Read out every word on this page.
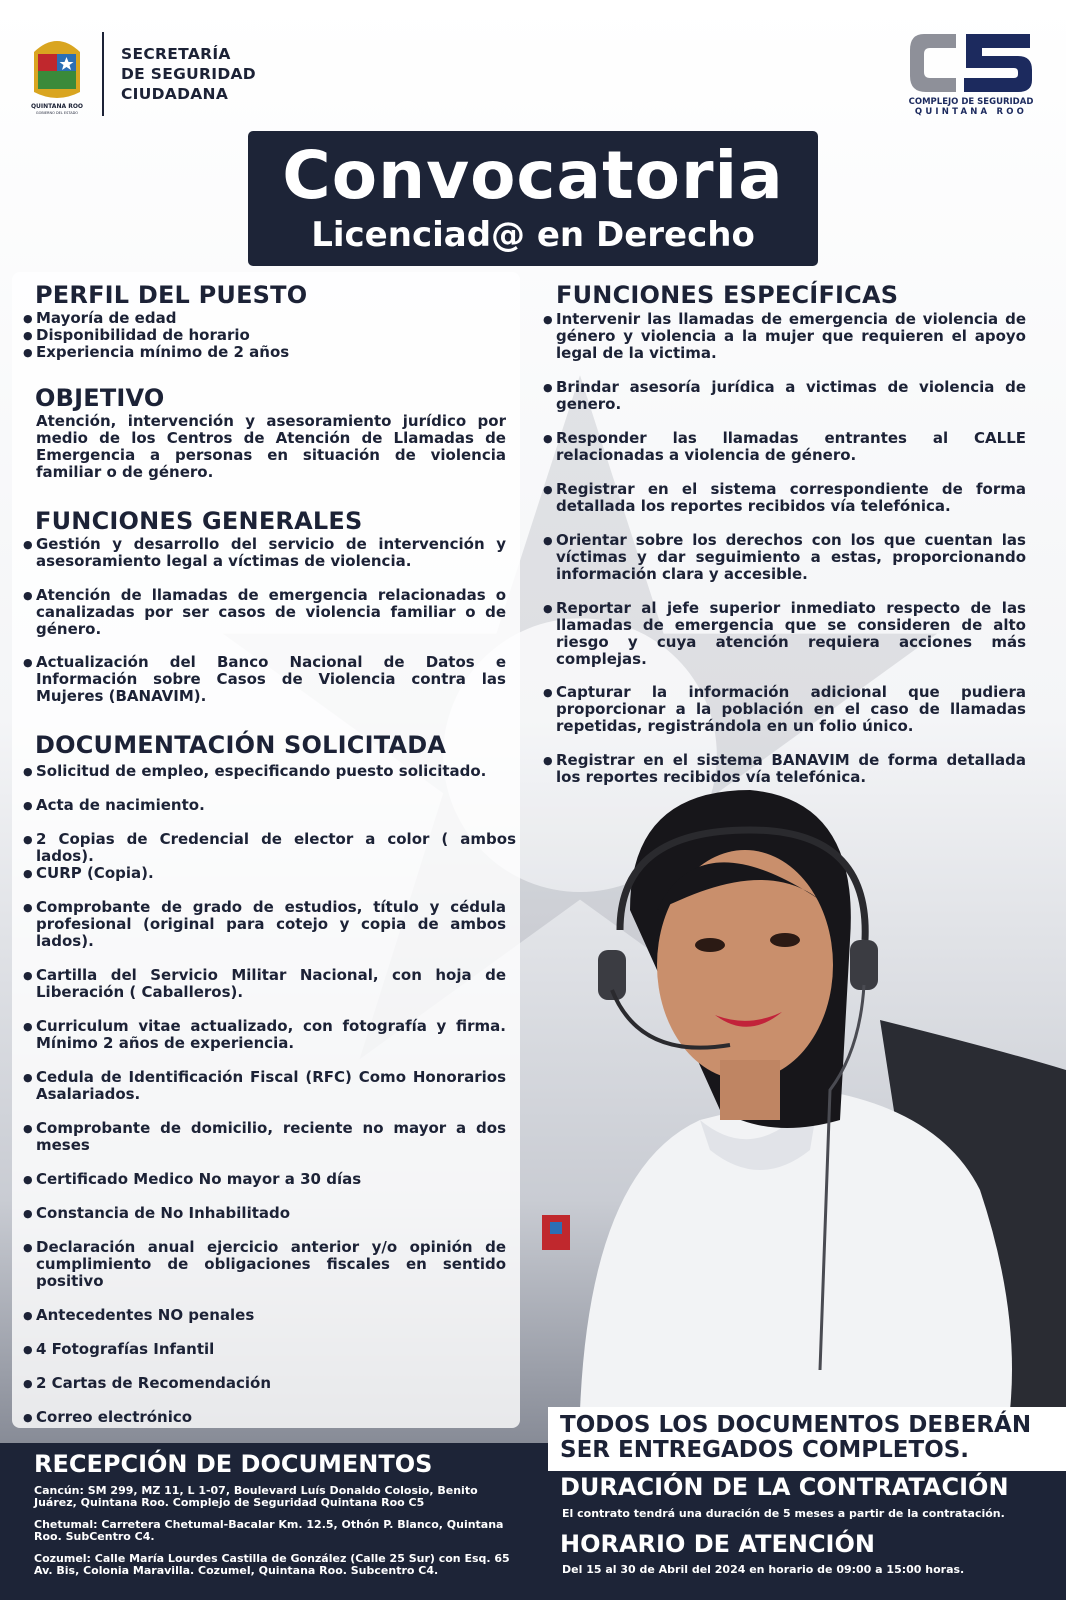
QUINTANA ROO
GOBIERNO DEL ESTADO
SECRETARÍA
DE SEGURIDAD
CIUDADANA	COMPLEJO DE SEGURIDAD
QUINTANA ROO
Convocatoria
Licenciad@ en Derecho
PERFIL DEL PUESTO
● Mayoría de edad
● Disponibilidad de horario
● Experiencia mínimo de 2 años
OBJETIVO
Atención, intervención y asesoramiento jurídico por medio de los Centros de Atención de Llamadas de Emergencia a personas en situación de violencia familiar o de género.
FUNCIONES GENERALES
● Gestión y desarrollo del servicio de intervención y asesoramiento legal a víctimas de violencia.
● Atención de llamadas de emergencia relacionadas o canalizadas por ser casos de violencia familiar o de género.
● Actualización del Banco Nacional de Datos e Información sobre Casos de Violencia contra las Mujeres (BANAVIM).
DOCUMENTACIÓN SOLICITADA
● Solicitud de empleo, especificando puesto solicitado.
● Acta de nacimiento.
● 2 Copias de Credencial de elector a color ( ambos lados).
● CURP (Copia).
● Comprobante de grado de estudios, título y cédula profesional (original para cotejo y copia de ambos lados).
● Cartilla del Servicio Militar Nacional, con hoja de Liberación ( Caballeros).
● Curriculum vitae actualizado, con fotografía y firma. Mínimo 2 años de experiencia.
● Cedula de Identificación Fiscal (RFC) Como Honorarios Asalariados.
● Comprobante de domicilio, reciente no mayor a dos meses
● Certificado Medico No mayor a 30 días
● Constancia de No Inhabilitado
● Declaración anual ejercicio anterior y/o opinión de cumplimiento de obligaciones fiscales en sentido positivo
● Antecedentes NO penales
● 4 Fotografías Infantil
● 2 Cartas de Recomendación
● Correo electrónico
FUNCIONES ESPECÍFICAS
● Intervenir las llamadas de emergencia de violencia de género y violencia a la mujer que requieren el apoyo legal de la victima.
● Brindar asesoría jurídica a victimas de violencia de genero.
● Responder las llamadas entrantes al CALLE relacionadas a violencia de género.
● Registrar en el sistema correspondiente de forma detallada los reportes recibidos vía telefónica.
● Orientar sobre los derechos con los que cuentan las víctimas y dar seguimiento a estas, proporcionando información clara y accesible.
● Reportar al jefe superior inmediato respecto de las llamadas de emergencia que se consideren de alto riesgo y cuya atención requiera acciones más complejas.
● Capturar la información adicional que pudiera proporcionar a la población en el caso de llamadas repetidas, registrándola en un folio único.
● Registrar en el sistema BANAVIM de forma detallada los reportes recibidos vía telefónica.
TODOS LOS DOCUMENTOS DEBERÁN
SER ENTREGADOS COMPLETOS.
RECEPCIÓN DE DOCUMENTOS
Cancún: SM 299, MZ 11, L 1-07, Boulevard Luís Donaldo Colosio, Benito Juárez, Quintana Roo. Complejo de Seguridad Quintana Roo C5
Chetumal: Carretera Chetumal-Bacalar Km. 12.5, Othón P. Blanco, Quintana Roo. SubCentro C4.
Cozumel: Calle María Lourdes Castilla de González (Calle 25 Sur) con Esq. 65 Av. Bis, Colonia Maravilla. Cozumel, Quintana Roo. Subcentro C4.
DURACIÓN DE LA CONTRATACIÓN
El contrato tendrá una duración de 5 meses a partir de la contratación.
HORARIO DE ATENCIÓN
Del 15 al 30 de Abril del 2024 en horario de 09:00 a 15:00 horas.
